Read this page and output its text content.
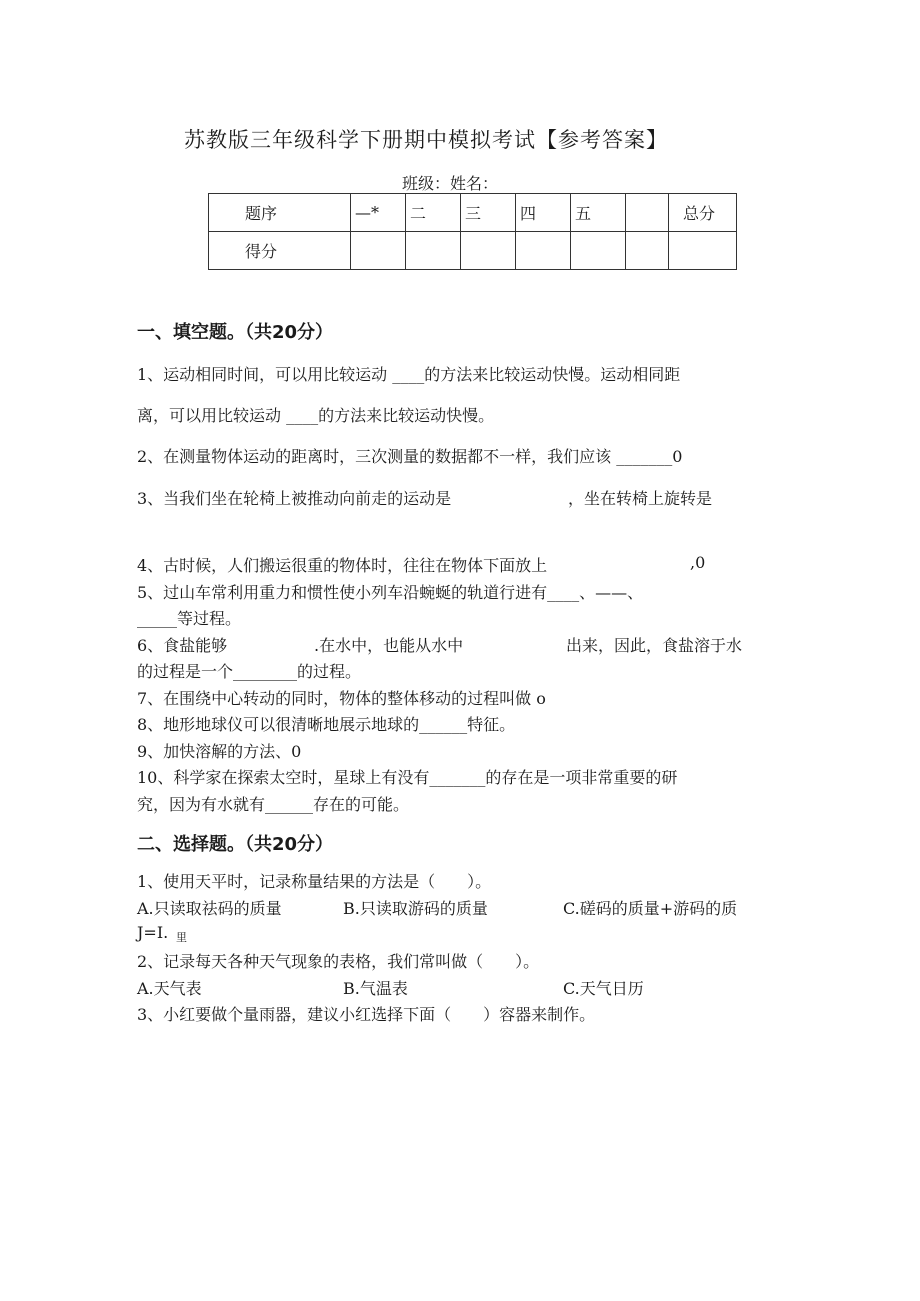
苏教版三年级科学下册期中模拟考试【参考答案】
班级：姓名：
题序	—*	二	三	四	五		总分
得分							
一、填空题。（共20分）
1、运动相同时间，可以用比较运动 ____的方法来比较运动快慢。运动相同距
离，可以用比较运动 ____的方法来比较运动快慢。
2、在测量物体运动的距离时，三次测量的数据都不一样，我们应该 _______0
3、当我们坐在轮椅上被推动向前走的运动是	，坐在转椅上旋转是
4、古时候，人们搬运很重的物体时，往往在物体下面放上	,0
5、过山车常利用重力和惯性使小列车沿蜿蜒的轨道行进有____、——、
_____等过程。
6、食盐能够	.在水中，也能从水中	出来，因此，食盐溶于水
的过程是一个________的过程。
7、在围绕中心转动的同时，物体的整体移动的过程叫做 o
8、地形地球仪可以很清晰地展示地球的______特征。
9、加快溶解的方法、0
10、科学家在探索太空时，星球上有没有_______的存在是一项非常重要的研
究，因为有水就有______存在的可能。
二、选择题。（共20分）
1、使用天平时，记录称量结果的方法是（　　）。
A.只读取祛码的质量	B.只读取游码的质量	C.磋码的质量+游码的质
J=I. 里
2、记录每天各种天气现象的表格，我们常叫做（　　）。
A.天气表	B.气温表	C.天气日历
3、小红要做个量雨器，建议小红选择下面（　　）容器来制作。
